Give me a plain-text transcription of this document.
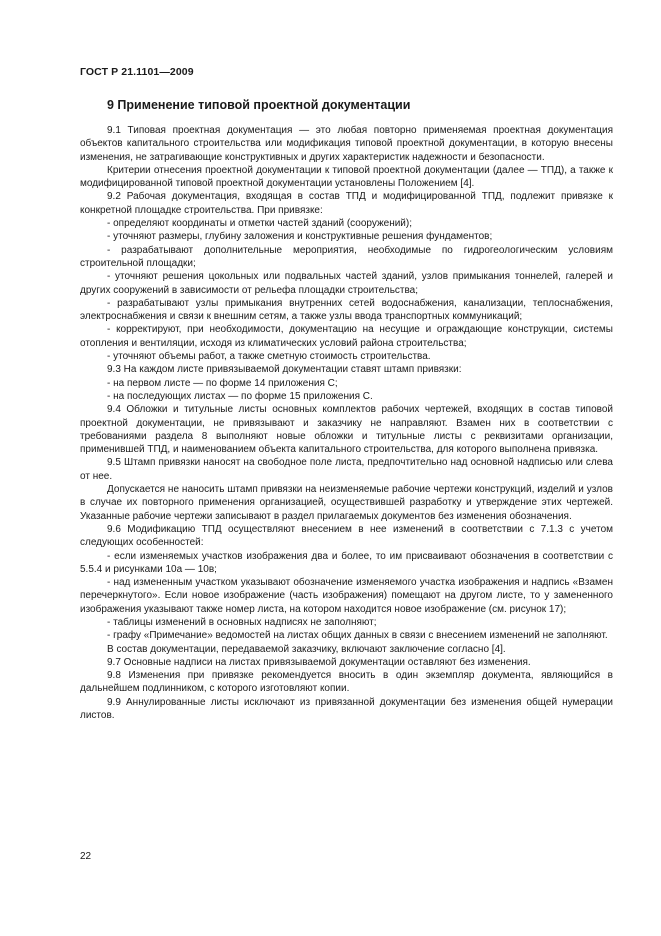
ГОСТ Р 21.1101—2009
9 Применение типовой проектной документации

9.1 Типовая проектная документация — это любая повторно применяемая проектная документация объектов капитального строительства или модификация типовой проектной документации, в которую внесены изменения, не затрагивающие конструктивных и других характеристик надежности и безопасности.

Критерии отнесения проектной документации к типовой проектной документации (далее — ТПД), а также к модифицированной типовой проектной документации установлены Положением [4].

9.2 Рабочая документация, входящая в состав ТПД и модифицированной ТПД, подлежит привязке к конкретной площадке строительства. При привязке:

- определяют координаты и отметки частей зданий (сооружений);

- уточняют размеры, глубину заложения и конструктивные решения фундаментов;

- разрабатывают дополнительные мероприятия, необходимые по гидрогеологическим условиям строительной площадки;

- уточняют решения цокольных или подвальных частей зданий, узлов примыкания тоннелей, галерей и других сооружений в зависимости от рельефа площадки строительства;

- разрабатывают узлы примыкания внутренних сетей водоснабжения, канализации, теплоснабжения, электроснабжения и связи к внешним сетям, а также узлы ввода транспортных коммуникаций;

- корректируют, при необходимости, документацию на несущие и ограждающие конструкции, системы отопления и вентиляции, исходя из климатических условий района строительства;

- уточняют объемы работ, а также сметную стоимость строительства.

9.3 На каждом листе привязываемой документации ставят штамп привязки:

- на первом листе — по форме 14 приложения С;

- на последующих листах — по форме 15 приложения С.

9.4 Обложки и титульные листы основных комплектов рабочих чертежей, входящих в состав типовой проектной документации, не привязывают и заказчику не направляют. Взамен них в соответствии с требованиями раздела 8 выполняют новые обложки и титульные листы с реквизитами организации, применившей ТПД, и наименованием объекта капитального строительства, для которого выполнена привязка.

9.5 Штамп привязки наносят на свободное поле листа, предпочтительно над основной надписью или слева от нее.

Допускается не наносить штамп привязки на неизменяемые рабочие чертежи конструкций, изделий и узлов в случае их повторного применения организацией, осуществившей разработку и утверждение этих чертежей. Указанные рабочие чертежи записывают в раздел прилагаемых документов без изменения обозначения.

9.6 Модификацию ТПД осуществляют внесением в нее изменений в соответствии с 7.1.3 с учетом следующих особенностей:

- если изменяемых участков изображения два и более, то им присваивают обозначения в соответствии с 5.5.4 и рисунками 10а — 10в;

- над измененным участком указывают обозначение изменяемого участка изображения и надпись «Взамен перечеркнутого». Если новое изображение (часть изображения) помещают на другом листе, то у замененного изображения указывают также номер листа, на котором находится новое изображение (см. рисунок 17);

- таблицы изменений в основных надписях не заполняют;

- графу «Примечание» ведомостей на листах общих данных в связи с внесением изменений не заполняют.

В состав документации, передаваемой заказчику, включают заключение согласно [4].

9.7 Основные надписи на листах привязываемой документации оставляют без изменения.

9.8 Изменения при привязке рекомендуется вносить в один экземпляр документа, являющийся в дальнейшем подлинником, с которого изготовляют копии.

9.9 Аннулированные листы исключают из привязанной документации без изменения общей нумерации листов.

22
